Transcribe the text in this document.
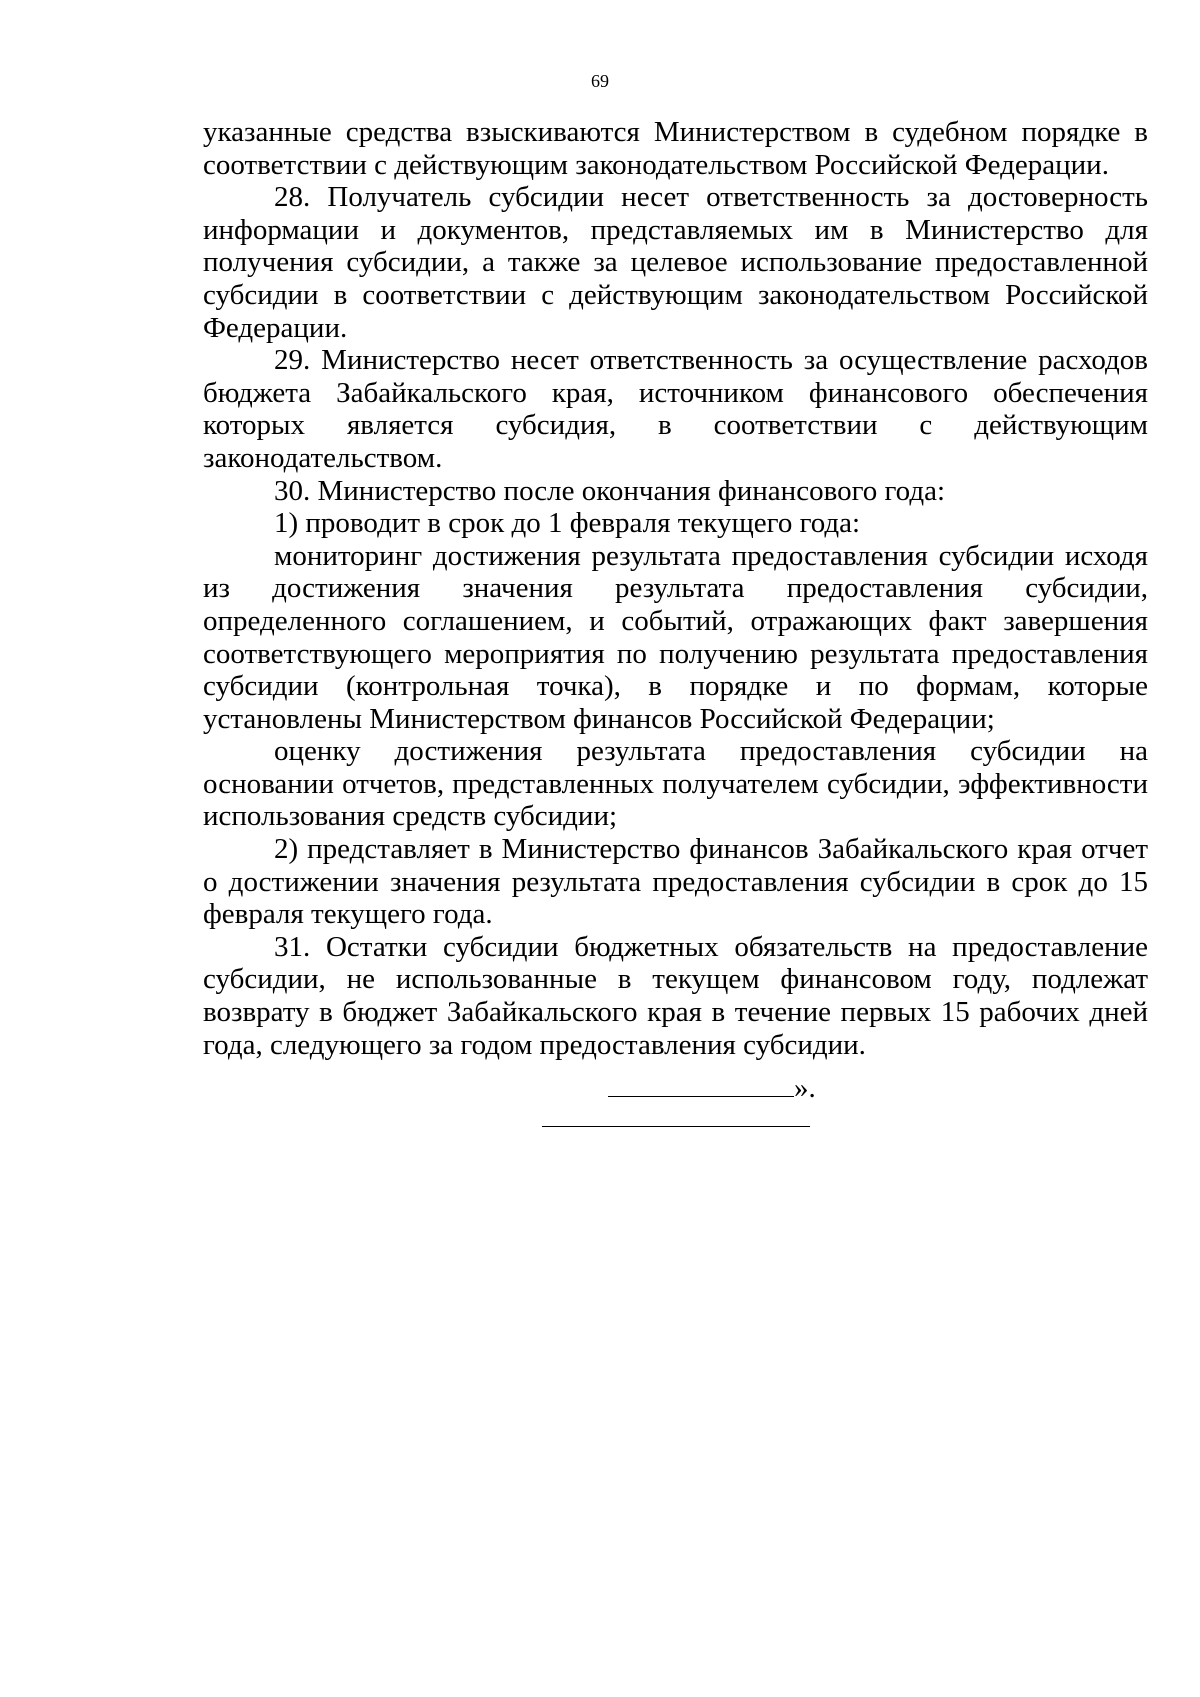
69

указанные средства взыскиваются Министерством в судебном порядке в соответствии с действующим законодательством Российской Федерации.

28. Получатель субсидии несет ответственность за достоверность информации и документов, представляемых им в Министерство для получения субсидии, а также за целевое использование предоставленной субсидии в соответствии с действующим законодательством Российской Федерации.

29. Министерство несет ответственность за осуществление расходов бюджета Забайкальского края, источником финансового обеспечения которых является субсидия, в соответствии с действующим законодательством.

30. Министерство после окончания финансового года:

1) проводит в срок до 1 февраля текущего года:

мониторинг достижения результата предоставления субсидии исходя из достижения значения результата предоставления субсидии, определенного соглашением, и событий, отражающих факт завершения соответствующего мероприятия по получению результата предоставления субсидии (контрольная точка), в порядке и по формам, которые установлены Министерством финансов Российской Федерации;

оценку достижения результата предоставления субсидии на основании отчетов, представленных получателем субсидии, эффективности использования средств субсидии;

2) представляет в Министерство финансов Забайкальского края отчет о достижении значения результата предоставления субсидии в срок до 15 февраля текущего года.

31. Остатки субсидии бюджетных обязательств на предоставление субсидии, не использованные в текущем финансовом году, подлежат возврату в бюджет Забайкальского края в течение первых 15 рабочих дней года, следующего за годом предоставления субсидии.

».
